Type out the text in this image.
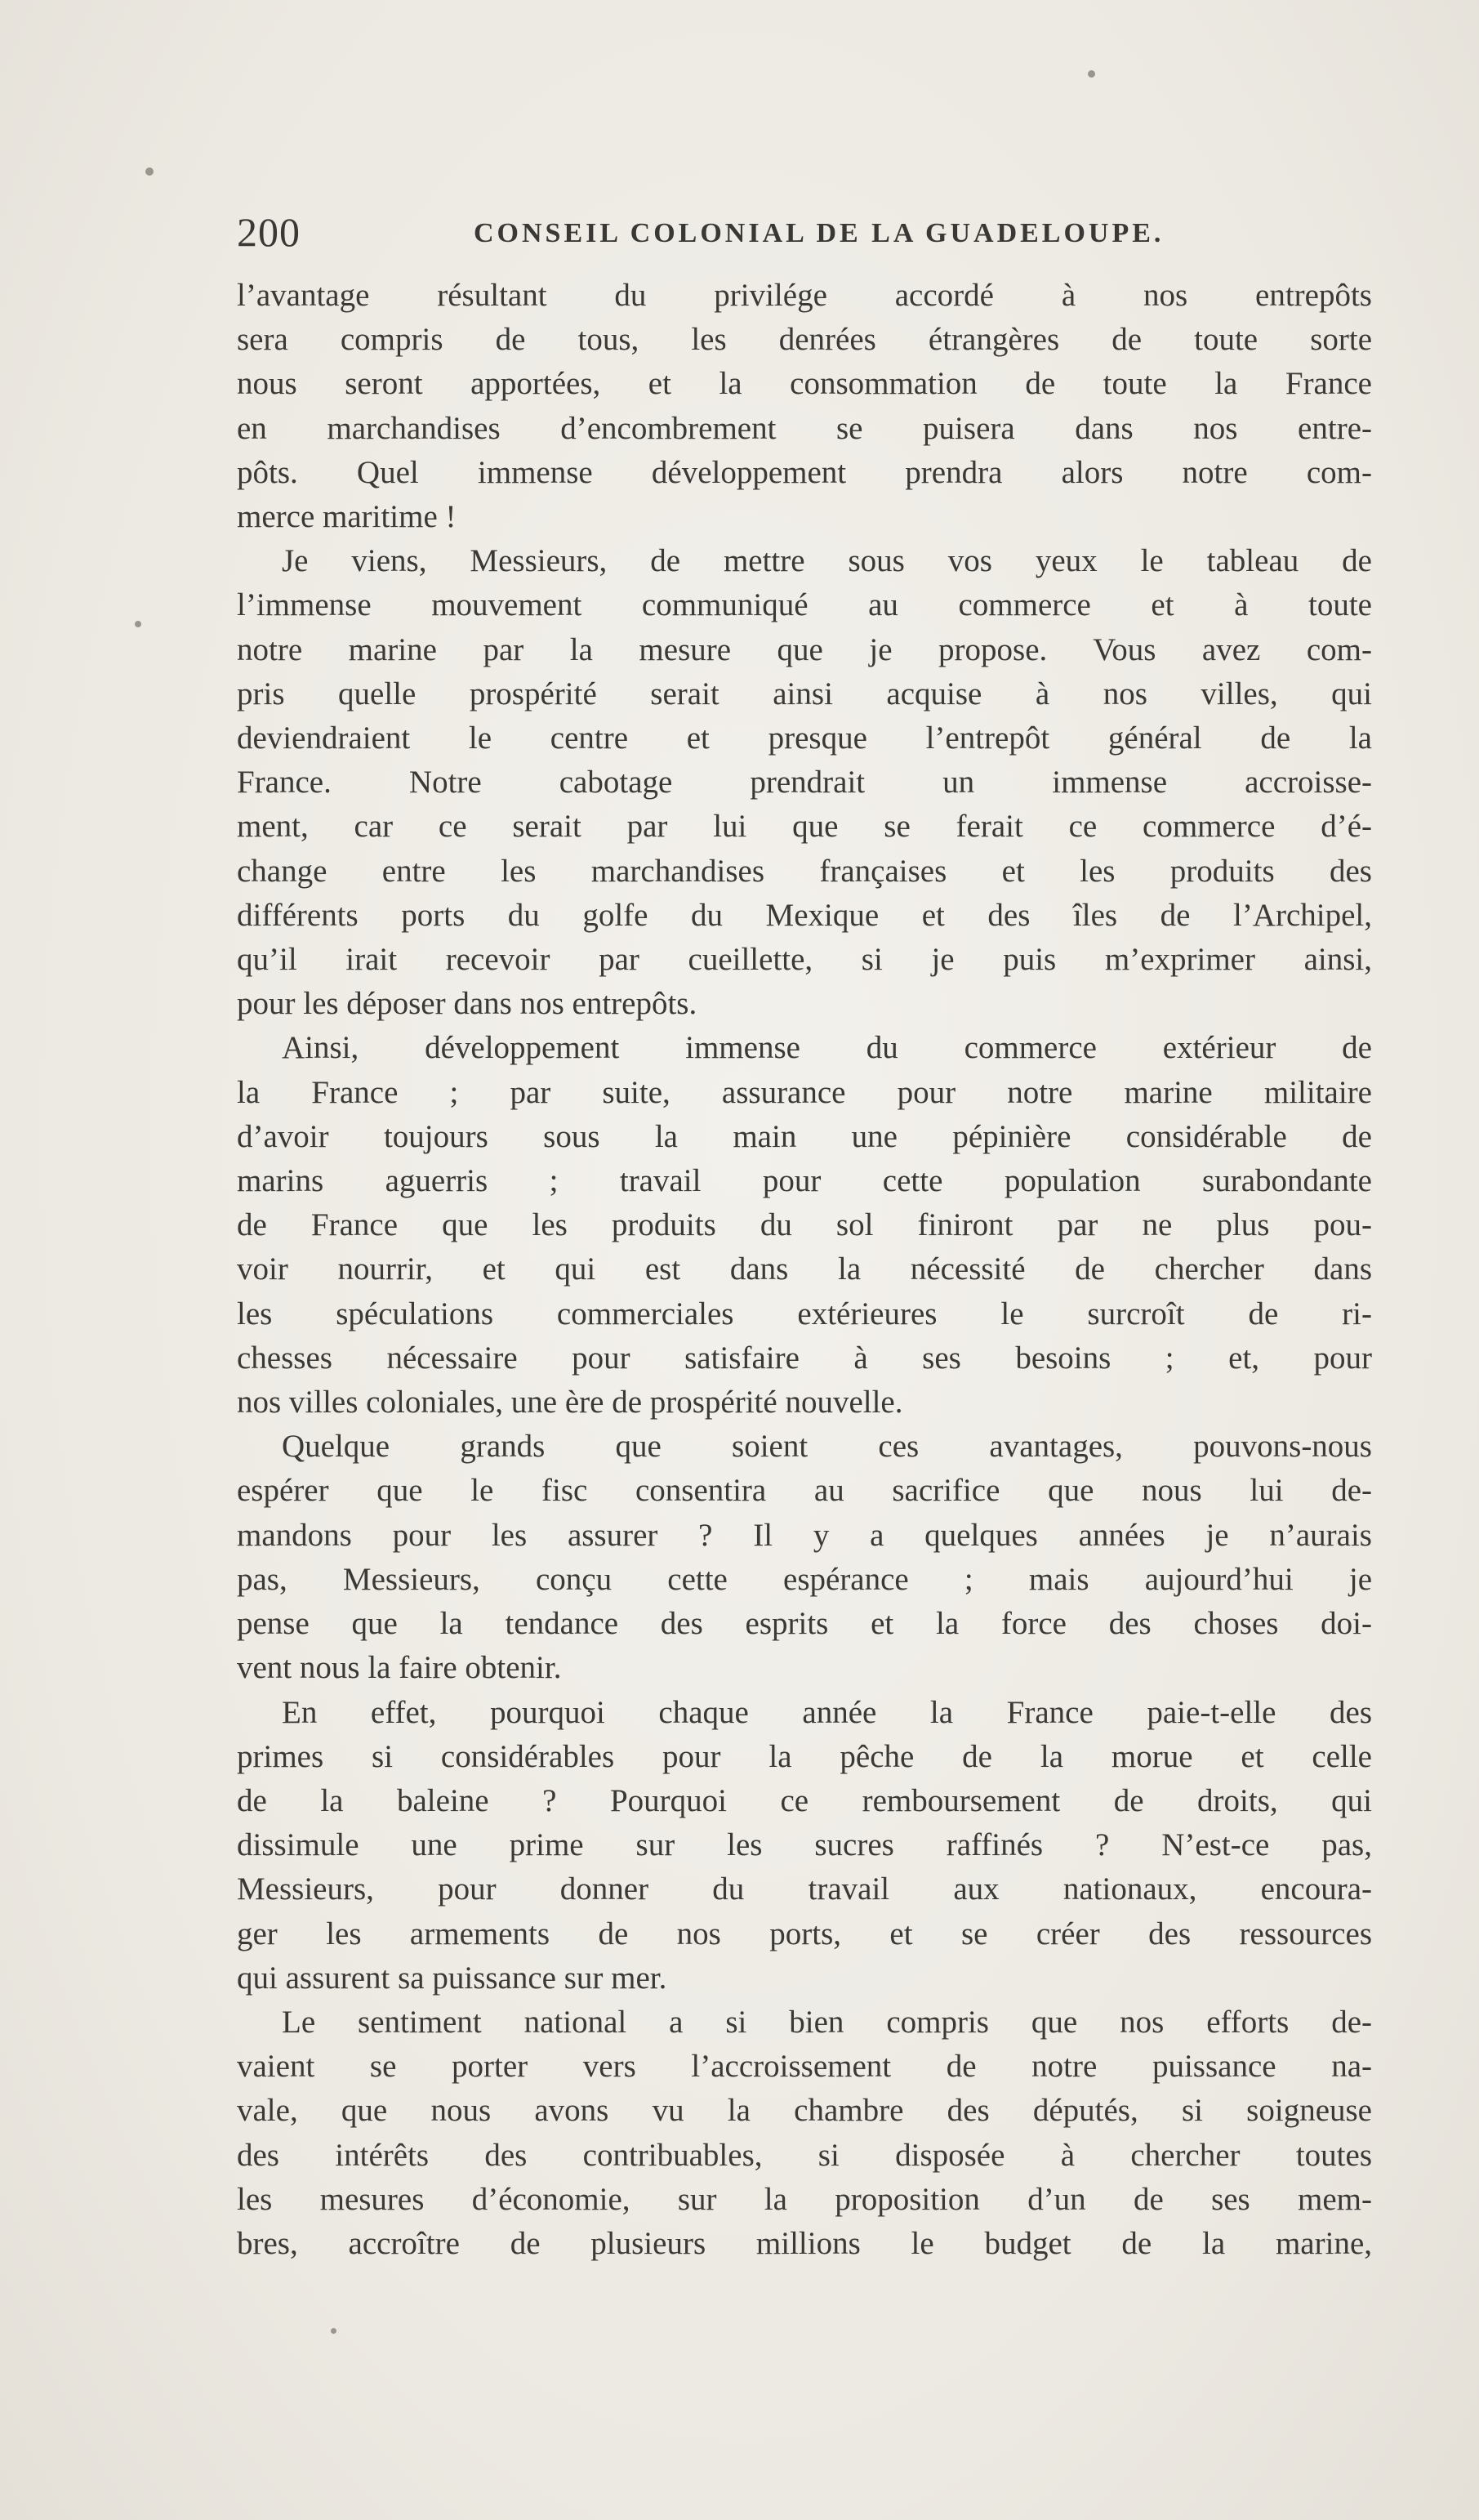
200	CONSEIL COLONIAL DE LA GUADELOUPE.
l’avantage résultant du privilége accordé à nos entrepôts
sera compris de tous, les denrées étrangères de toute sorte
nous seront apportées, et la consommation de toute la France
en marchandises d’encombrement se puisera dans nos entre-
pôts. Quel immense développement prendra alors notre com-
merce maritime !
Je viens, Messieurs, de mettre sous vos yeux le tableau de
l’immense mouvement communiqué au commerce et à toute
notre marine par la mesure que je propose. Vous avez com-
pris quelle prospérité serait ainsi acquise à nos villes, qui
deviendraient le centre et presque l’entrepôt général de la
France. Notre cabotage prendrait un immense accroisse-
ment, car ce serait par lui que se ferait ce commerce d’é-
change entre les marchandises françaises et les produits des
différents ports du golfe du Mexique et des îles de l’Archipel,
qu’il irait recevoir par cueillette, si je puis m’exprimer ainsi,
pour les déposer dans nos entrepôts.
Ainsi, développement immense du commerce extérieur de
la France ; par suite, assurance pour notre marine militaire
d’avoir toujours sous la main une pépinière considérable de
marins aguerris ; travail pour cette population surabondante
de France que les produits du sol finiront par ne plus pou-
voir nourrir, et qui est dans la nécessité de chercher dans
les spéculations commerciales extérieures le surcroît de ri-
chesses nécessaire pour satisfaire à ses besoins ; et, pour
nos villes coloniales, une ère de prospérité nouvelle.
Quelque grands que soient ces avantages, pouvons-nous
espérer que le fisc consentira au sacrifice que nous lui de-
mandons pour les assurer ? Il y a quelques années je n’aurais
pas, Messieurs, conçu cette espérance ; mais aujourd’hui je
pense que la tendance des esprits et la force des choses doi-
vent nous la faire obtenir.
En effet, pourquoi chaque année la France paie-t-elle des
primes si considérables pour la pêche de la morue et celle
de la baleine ? Pourquoi ce remboursement de droits, qui
dissimule une prime sur les sucres raffinés ? N’est-ce pas,
Messieurs, pour donner du travail aux nationaux, encoura-
ger les armements de nos ports, et se créer des ressources
qui assurent sa puissance sur mer.
Le sentiment national a si bien compris que nos efforts de-
vaient se porter vers l’accroissement de notre puissance na-
vale, que nous avons vu la chambre des députés, si soigneuse
des intérêts des contribuables, si disposée à chercher toutes
les mesures d’économie, sur la proposition d’un de ses mem-
bres, accroître de plusieurs millions le budget de la marine,
